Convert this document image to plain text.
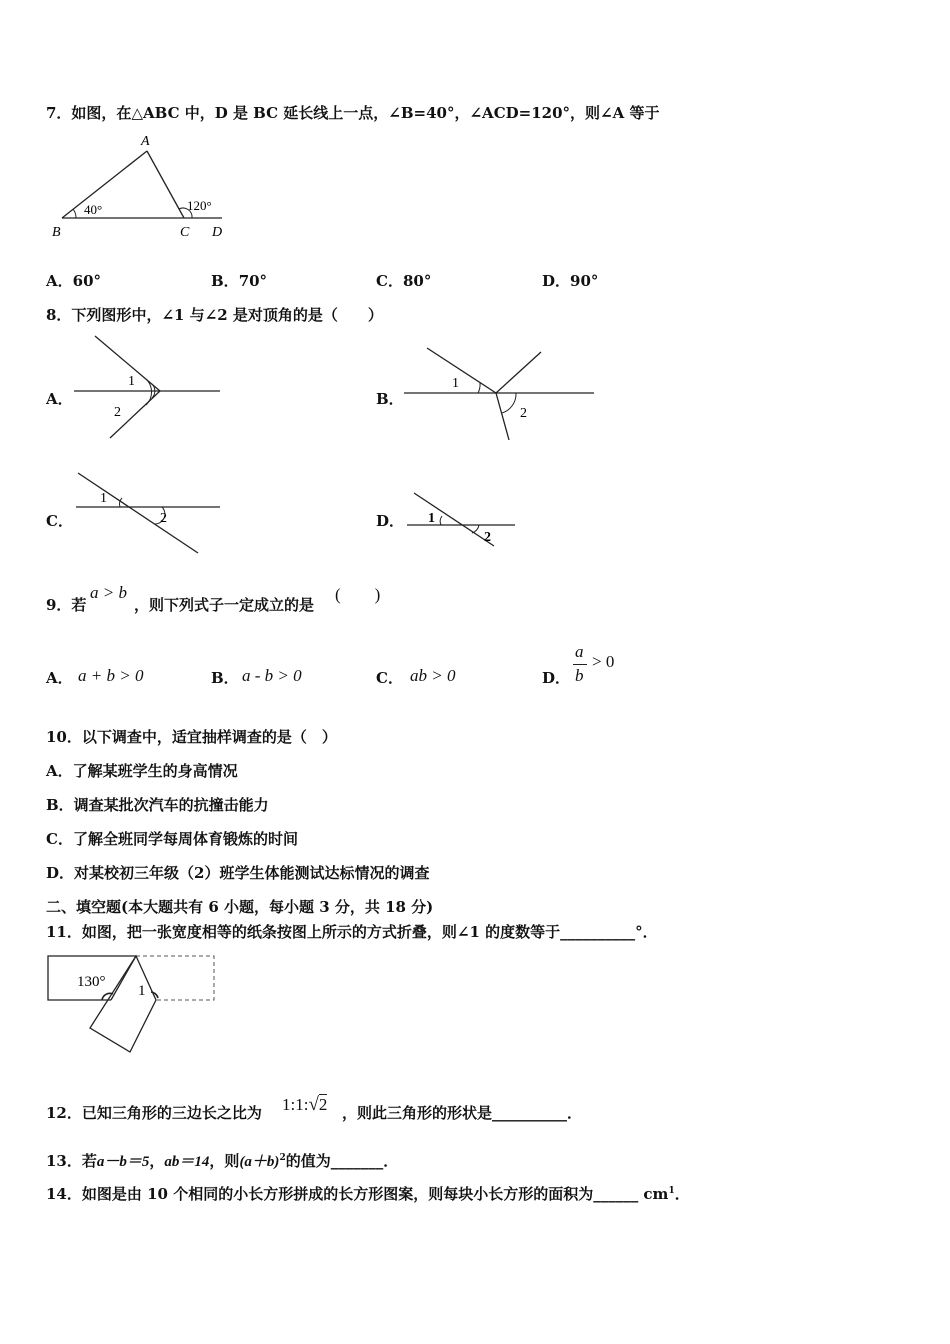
7．如图，在△ABC 中，D 是 BC 延长线上一点，∠B=40°，∠ACD=120°，则∠A 等于
A
B	C D
40°	120°
A．60°	B．70°	C．80°	D．90°
8．下列图形中，∠1 与∠2 是对顶角的是（　　）
A．
1
2
B．
1
2
C．
1
2	D． 1
2
9．若
a > b
，则下列式子一定成立的是
(　　)
A． a + b > 0	B． a - b > 0	C． ab > 0	D．
a
b
> 0
10．以下调查中，适宜抽样调查的是（　）
A．了解某班学生的身高情况
B．调查某批次汽车的抗撞击能力
C．了解全班同学每周体育锻炼的时间
D．对某校初三年级（2）班学生体能测试达标情况的调查
二、填空题(本大题共有 6 小题，每小题 3 分，共 18 分)
11．如图，把一张宽度相等的纸条按图上所示的方式折叠，则∠1 的度数等于__________°．
130°
1
12．已知三角形的三边长之比为 1:1:√2 ，则此三角形的形状是__________．
13．若a－b＝5，ab＝14，则$(a+b)^2$的值为_______．
14．如图是由 10 个相同的小长方形拼成的长方形图案，则每块小长方形的面积为______ $cm^1$．
